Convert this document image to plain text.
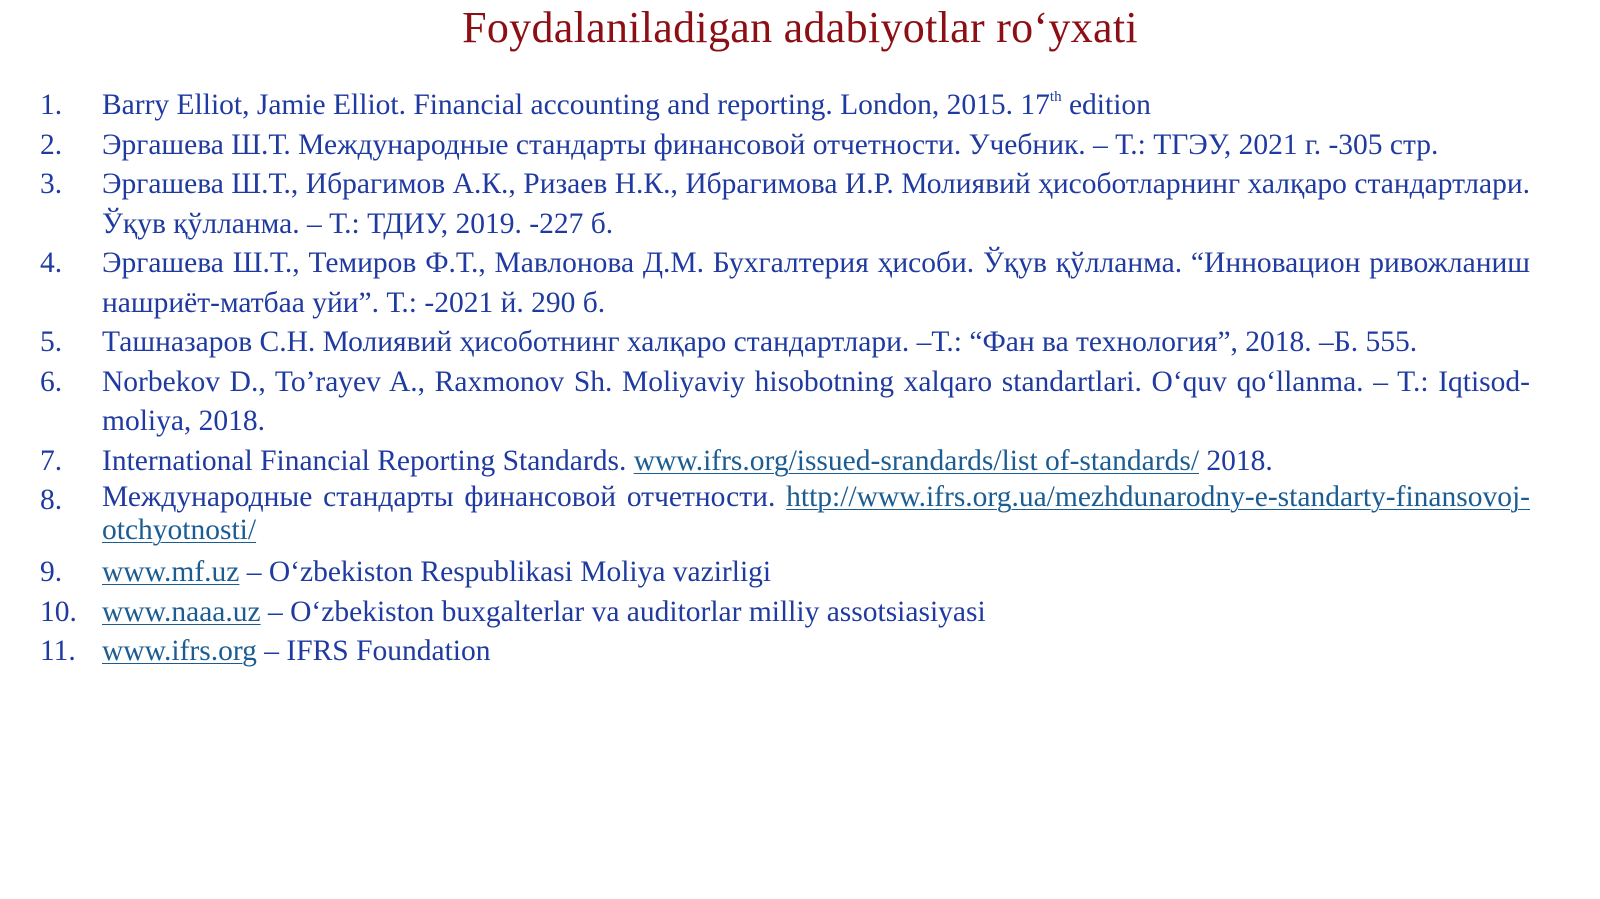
Foydalaniladigan adabiyotlar ro‘yxati
1.	Barry Elliot, Jamie Elliot. Financial accounting and reporting. London, 2015. 17th edition
2.	Эргашева Ш.Т. Международные стандарты финансовой отчетности. Учебник. – Т.: ТГЭУ, 2021 г. -305 стр.
3.	Эргашева Ш.Т., Ибрагимов А.К., Ризаев Н.К., Ибрагимова И.Р. Молиявий ҳисоботларнинг халқаро стандартлари. Ўқув қўлланма. – Т.: ТДИУ, 2019. -227 б.
4.	Эргашева Ш.Т., Темиров Ф.Т., Мавлонова Д.М. Бухгалтерия ҳисоби. Ўқув қўлланма. “Инновацион ривожланиш нашриёт-матбаа уйи”. Т.: -2021 й. 290 б.
5.	Ташназаров С.Н. Молиявий ҳисоботнинг халқаро стандартлари. –Т.: “Фан ва технология”, 2018. –Б. 555.
6.	Norbekov D., To’rayev A., Raxmonov Sh. Moliyaviy hisobotning xalqaro standartlari. O‘quv qo‘llanma. – T.: Iqtisod-moliya, 2018.
7.	International Financial Reporting Standards. www.ifrs.org/issued-srandards/list of-standards/ 2018.
8.	Международные стандарты финансовой отчетности. http://www.ifrs.org.ua/mezhdunarodny-e-standarty-finansovoj-otchyotnosti/
9.	www.mf.uz – O‘zbekiston Respublikasi Moliya vazirligi
10. www.naaa.uz – O‘zbekiston buxgalterlar va auditorlar milliy assotsiasiyasi
11. www.ifrs.org – IFRS Foundation
